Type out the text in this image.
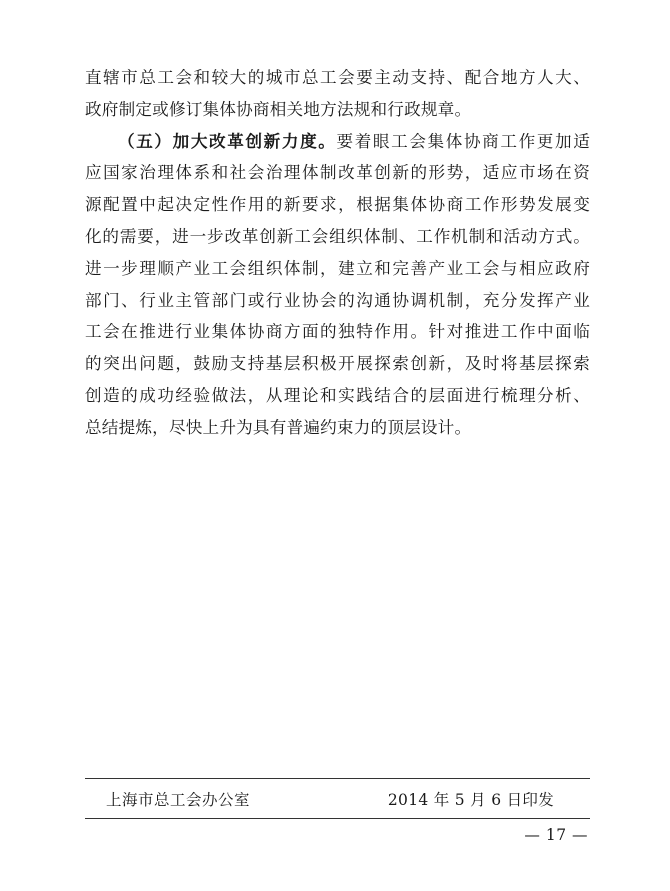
直辖市总工会和较大的城市总工会要主动支持、配合地方人大、
政府制定或修订集体协商相关地方法规和行政规章。
（五）加大改革创新力度。要着眼工会集体协商工作更加适
应国家治理体系和社会治理体制改革创新的形势，适应市场在资
源配置中起决定性作用的新要求，根据集体协商工作形势发展变
化的需要，进一步改革创新工会组织体制、工作机制和活动方式。
进一步理顺产业工会组织体制，建立和完善产业工会与相应政府
部门、行业主管部门或行业协会的沟通协调机制，充分发挥产业
工会在推进行业集体协商方面的独特作用。针对推进工作中面临
的突出问题，鼓励支持基层积极开展探索创新，及时将基层探索
创造的成功经验做法，从理论和实践结合的层面进行梳理分析、
总结提炼，尽快上升为具有普遍约束力的顶层设计。
上海市总工会办公室	2014 年 5 月 6 日印发
— 17 —
